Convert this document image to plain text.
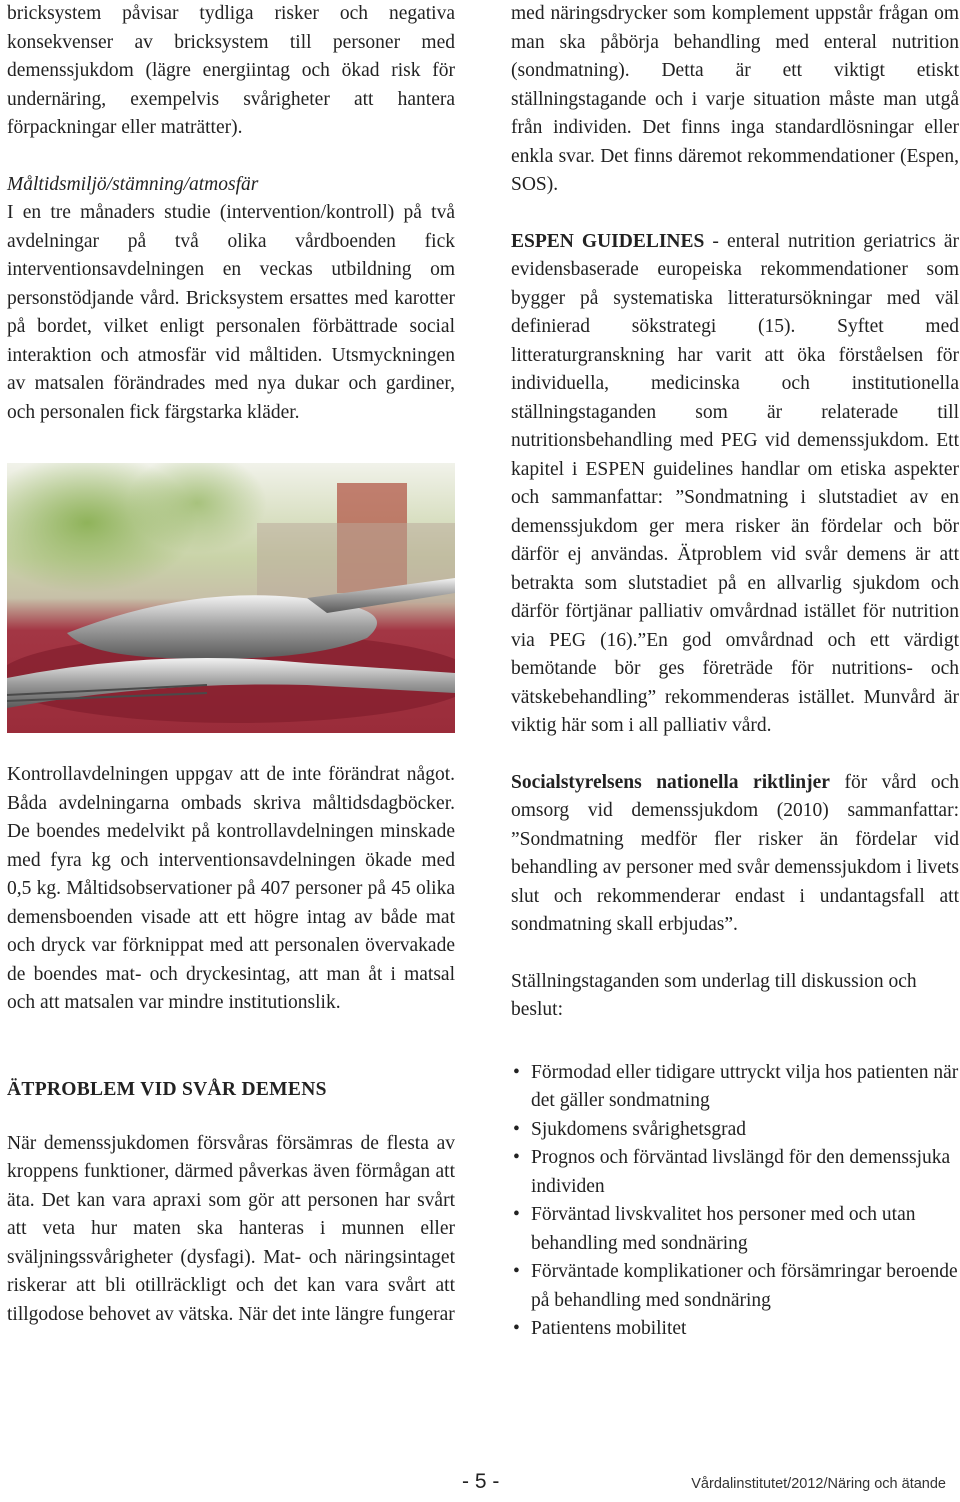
bricksystem påvisar tydliga risker och negativa konsekvenser av bricksystem till personer med demenssjukdom (lägre energiintag och ökad risk för undernäring, exempelvis svårigheter att hantera förpackningar eller maträtter).

Måltidsmiljö/stämning/atmosfär

I en tre månaders studie (intervention/kontroll) på två avdelningar på två olika vårdboenden fick interventionsavdelningen en veckas utbildning om personstödjande vård. Bricksystem ersattes med karotter på bordet, vilket enligt personalen förbättrade social interaktion och atmosfär vid måltiden. Utsmyckningen av matsalen förändrades med nya dukar och gardiner, och personalen fick färgstarka kläder.

Kontrollavdelningen uppgav att de inte förändrat något. Båda avdelningarna ombads skriva måltidsdagböcker. De boendes medelvikt på kontrollavdelningen minskade med fyra kg och interventionsavdelningen ökade med 0,5 kg. Måltidsobservationer på 407 personer på 45 olika demensboenden visade att ett högre intag av både mat och dryck var förknippat med att personalen övervakade de boendes mat- och dryckesintag, att man åt i matsal och att matsalen var mindre institutionslik.

ÄTPROBLEM VID SVÅR DEMENS

När demenssjukdomen försvåras försämras de flesta av kroppens funktioner, därmed påverkas även förmågan att äta. Det kan vara apraxi som gör att personen har svårt att veta hur maten ska hanteras i munnen eller sväljningssvårigheter (dysfagi). Mat- och näringsintaget riskerar att bli otillräckligt och det kan vara svårt att tillgodose behovet av vätska. När det inte längre fungerar

med näringsdrycker som komplement uppstår frågan om man ska påbörja behandling med enteral nutrition (sondmatning). Detta är ett viktigt etiskt ställningstagande och i varje situation måste man utgå från individen. Det finns inga standardlösningar eller enkla svar. Det finns däremot rekommendationer (Espen, SOS).

ESPEN GUIDELINES - enteral nutrition geriatrics är evidensbaserade europeiska rekommendationer som bygger på systematiska litteratursökningar med väl definierad sökstrategi (15). Syftet med litteraturgranskning har varit att öka förståelsen för individuella, medicinska och institutionella ställningstaganden som är relaterade till nutritionsbehandling med PEG vid demenssjukdom. Ett kapitel i ESPEN guidelines handlar om etiska aspekter och sammanfattar: ”Sondmatning i slutstadiet av en demenssjukdom ger mera risker än fördelar och bör därför ej användas. Ätproblem vid svår demens är att betrakta som slutstadiet på en allvarlig sjukdom och därför förtjänar palliativ omvårdnad istället för nutrition via PEG (16).”En god omvårdnad och ett värdigt bemötande bör ges företräde för nutritions- och vätskebehandling” rekommenderas istället. Munvård är viktig här som i all palliativ vård.

Socialstyrelsens nationella riktlinjer för vård och omsorg vid demenssjukdom (2010) sammanfattar: ”Sondmatning medför fler risker än fördelar vid behandling av personer med svår demenssjukdom i livets slut och rekommenderar endast i undantagsfall att sondmatning skall erbjudas”.

Ställningstaganden som underlag till diskussion och beslut:

• Förmodad eller tidigare uttryckt vilja hos patienten när det gäller sondmatning
• Sjukdomens svårighetsgrad
• Prognos och förväntad livslängd för den demenssjuka individen
• Förväntad livskvalitet hos personer med och utan behandling med sondnäring
• Förväntade komplikationer och försämringar beroende på behandling med sondnäring
• Patientens mobilitet
- 5 -	Vårdalinstitutet/2012/Näring och ätande
